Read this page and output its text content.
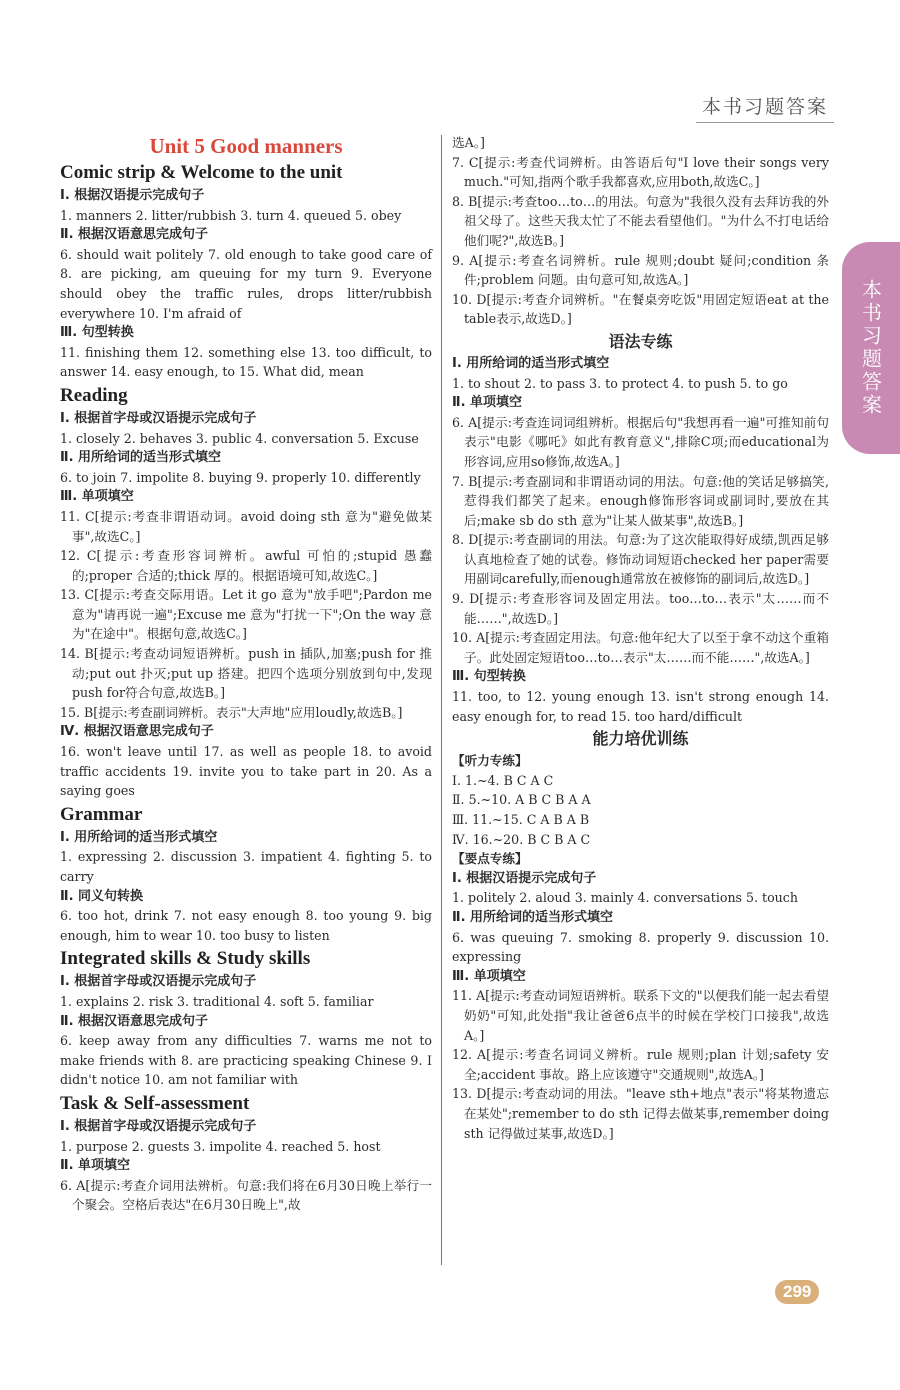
本书习题答案
本书习题答案
Unit 5 Good manners
Comic strip & Welcome to the unit
Ⅰ. 根据汉语提示完成句子

1. manners 2. litter/rubbish 3. turn 4. queued 5. obey

Ⅱ. 根据汉语意思完成句子

6. should wait politely 7. old enough to take good care of 8. are picking, am queuing for my turn 9. Everyone should obey the traffic rules, drops litter/rubbish everywhere 10. I'm afraid of

Ⅲ. 句型转换

11. finishing them 12. something else 13. too difficult, to answer 14. easy enough, to 15. What did, mean

Reading
Ⅰ. 根据首字母或汉语提示完成句子

1. closely 2. behaves 3. public 4. conversation 5. Excuse

Ⅱ. 用所给词的适当形式填空

6. to join 7. impolite 8. buying 9. properly 10. differently

Ⅲ. 单项填空

11. C[提示:考查非谓语动词。avoid doing sth 意为"避免做某事",故选C。]

12. C[提示:考查形容词辨析。awful 可怕的;stupid 愚蠢的;proper 合适的;thick 厚的。根据语境可知,故选C。]

13. C[提示:考查交际用语。Let it go 意为"放手吧";Pardon me 意为"请再说一遍";Excuse me 意为"打扰一下";On the way 意为"在途中"。根据句意,故选C。]

14. B[提示:考查动词短语辨析。push in 插队,加塞;push for 推动;put out 扑灭;put up 搭建。把四个选项分别放到句中,发现push for符合句意,故选B。]

15. B[提示:考查副词辨析。表示"大声地"应用loudly,故选B。]

Ⅳ. 根据汉语意思完成句子

16. won't leave until 17. as well as people 18. to avoid traffic accidents 19. invite you to take part in 20. As a saying goes

Grammar
Ⅰ. 用所给词的适当形式填空

1. expressing 2. discussion 3. impatient 4. fighting 5. to carry

Ⅱ. 同义句转换

6. too hot, drink 7. not easy enough 8. too young 9. big enough, him to wear 10. too busy to listen

Integrated skills & Study skills
Ⅰ. 根据首字母或汉语提示完成句子

1. explains 2. risk 3. traditional 4. soft 5. familiar

Ⅱ. 根据汉语意思完成句子

6. keep away from any difficulties 7. warns me not to make friends with 8. are practicing speaking Chinese 9. I didn't notice 10. am not familiar with

Task & Self-assessment
Ⅰ. 根据首字母或汉语提示完成句子

1. purpose 2. guests 3. impolite 4. reached 5. host

Ⅱ. 单项填空

6. A[提示:考查介词用法辨析。句意:我们将在6月30日晚上举行一个聚会。空格后表达"在6月30日晚上",故

选A。]

7. C[提示:考查代词辨析。由答语后句"I love their songs very much."可知,指两个歌手我都喜欢,应用both,故选C。]

8. B[提示:考查too…to…的用法。句意为"我很久没有去拜访我的外祖父母了。这些天我太忙了不能去看望他们。"为什么不打电话给他们呢?",故选B。]

9. A[提示:考查名词辨析。rule 规则;doubt 疑问;condition 条件;problem 问题。由句意可知,故选A。]

10. D[提示:考查介词辨析。"在餐桌旁吃饭"用固定短语eat at the table表示,故选D。]

语法专练
Ⅰ. 用所给词的适当形式填空

1. to shout 2. to pass 3. to protect 4. to push 5. to go

Ⅱ. 单项填空

6. A[提示:考查连词词组辨析。根据后句"我想再看一遍"可推知前句表示"电影《哪吒》如此有教育意义",排除C项;而educational为形容词,应用so修饰,故选A。]

7. B[提示:考查副词和非谓语动词的用法。句意:他的笑话足够搞笑,惹得我们都笑了起来。enough修饰形容词或副词时,要放在其后;make sb do sth 意为"让某人做某事",故选B。]

8. D[提示:考查副词的用法。句意:为了这次能取得好成绩,凯西足够认真地检查了她的试卷。修饰动词短语checked her paper需要用副词carefully,而enough通常放在被修饰的副词后,故选D。]

9. D[提示:考查形容词及固定用法。too…to…表示"太……而不能……",故选D。]

10. A[提示:考查固定用法。句意:他年纪大了以至于拿不动这个重箱子。此处固定短语too…to…表示"太……而不能……",故选A。]

Ⅲ. 句型转换

11. too, to 12. young enough 13. isn't strong enough 14. easy enough for, to read 15. too hard/difficult

能力培优训练
【听力专练】

Ⅰ. 1.~4. B C A C

Ⅱ. 5.~10. A B C B A A

Ⅲ. 11.~15. C A B A B

Ⅳ. 16.~20. B C B A C

【要点专练】
Ⅰ. 根据汉语提示完成句子

1. politely 2. aloud 3. mainly 4. conversations 5. touch

Ⅱ. 用所给词的适当形式填空

6. was queuing 7. smoking 8. properly 9. discussion 10. expressing

Ⅲ. 单项填空

11. A[提示:考查动词短语辨析。联系下文的"以便我们能一起去看望奶奶"可知,此处指"我让爸爸6点半的时候在学校门口接我",故选A。]

12. A[提示:考查名词词义辨析。rule 规则;plan 计划;safety 安全;accident 事故。路上应该遵守"交通规则",故选A。]

13. D[提示:考查动词的用法。"leave sth+地点"表示"将某物遗忘在某处";remember to do sth 记得去做某事,remember doing sth 记得做过某事,故选D。]

299
